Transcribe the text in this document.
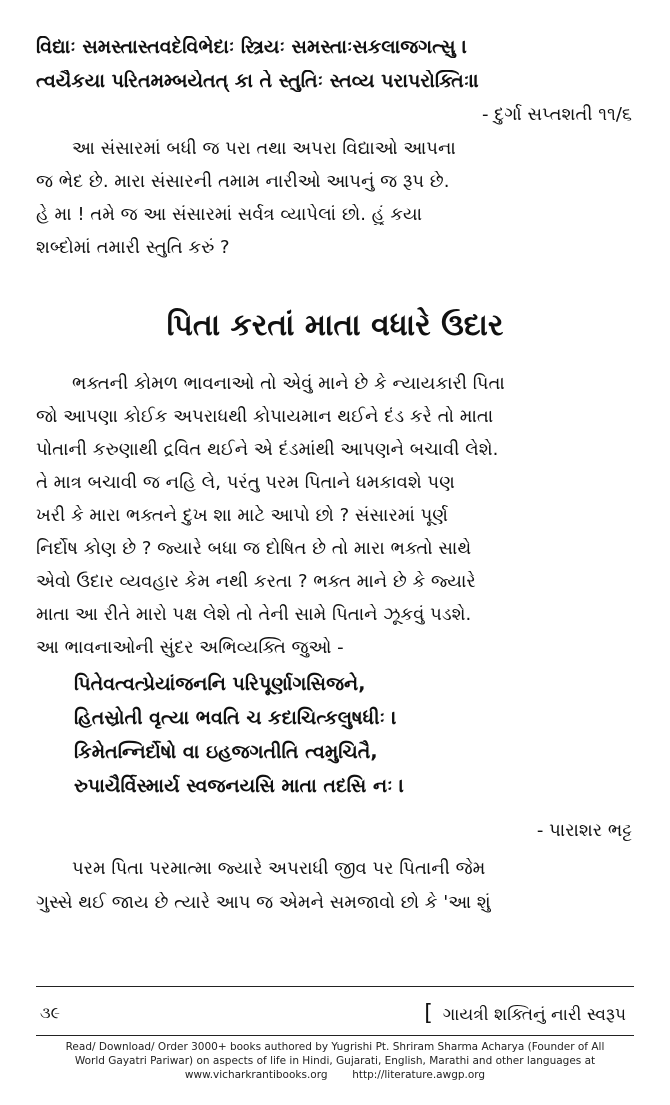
વિદ્યાઃ સમસ્તાસ્તવદેવિભેદાઃ સ્ત્રિયઃ સમસ્તાઃસકલાજગત્સુ ।
ત્વયૈકયા પરિતમમ્બયેતત્ કા તે સ્તુતિઃ સ્તવ્ય પરાપરોક્તિઃ॥
- દુર્ગા સપ્તશતી ૧૧/૬
આ સંસારમાં બધી જ પરા તથા અપરા વિદ્યાઓ આપના
જ ભેદ છે. મારા સંસારની તમામ નારીઓ આપનું જ રૂપ છે.
હે મા ! તમે જ આ સંસારમાં સર્વત્ર વ્યાપેલાં છો. હું કયા
શબ્દોમાં તમારી સ્તુતિ કરું ?
પિતા કરતાં માતા વધારે ઉદાર
ભક્તની કોમળ ભાવનાઓ તો એવું માને છે કે ન્યાયકારી પિતા
જો આપણા કોઈક અપરાધથી કોપાયમાન થઈને દંડ કરે તો માતા
પોતાની કરુણાથી દ્રવિત થઈને એ દંડમાંથી આપણને બચાવી લેશે.
તે માત્ર બચાવી જ નહિ લે, પરંતુ પરમ પિતાને ધમકાવશે પણ
ખરી કે મારા ભક્તને દુખ શા માટે આપો છો ? સંસારમાં પૂર્ણ
નિર્દોષ કોણ છે ? જ્યારે બધા જ દોષિત છે તો મારા ભક્તો સાથે
એવો ઉદાર વ્યવહાર કેમ નથી કરતા ? ભક્ત માને છે કે જ્યારે
માતા આ રીતે મારો પક્ષ લેશે તો તેની સામે પિતાને ઝૂકવું પડશે.
આ ભાવનાઓની સુંદર અભિવ્યક્તિ જુઓ -
પિતેવત્વત્પ્રેયાંજનનિ પરિપૂર્ણાગસિજને,
હિતસ્રોતી વૃત્યા ભવતિ ચ કદાચિત્કલુષધીઃ ।
કિમેતન્નિર્દોષો વા ઇહજગતીતિ ત્વમુચિતૈ,
રુપાયૈર્વિસ્માર્ય સ્વજનયસિ માતા તદસિ નઃ ।
- પારાશર ભટ્ટ
પરમ પિતા પરમાત્મા જ્યારે અપરાધી જીવ પર પિતાની જેમ
ગુસ્સે થઈ જાય છે ત્યારે આપ જ એમને સમજાવો છો કે 'આ શું
૩૯	[ ગાયત્રી શક્તિનું નારી સ્વરૂપ
Read/ Download/ Order 3000+ books authored by Yugrishi Pt. Shriram Sharma Acharya (Founder of All
World Gayatri Pariwar) on aspects of life in Hindi, Gujarati, English, Marathi and other languages at
www.vicharkrantibooks.org http://literature.awgp.org
